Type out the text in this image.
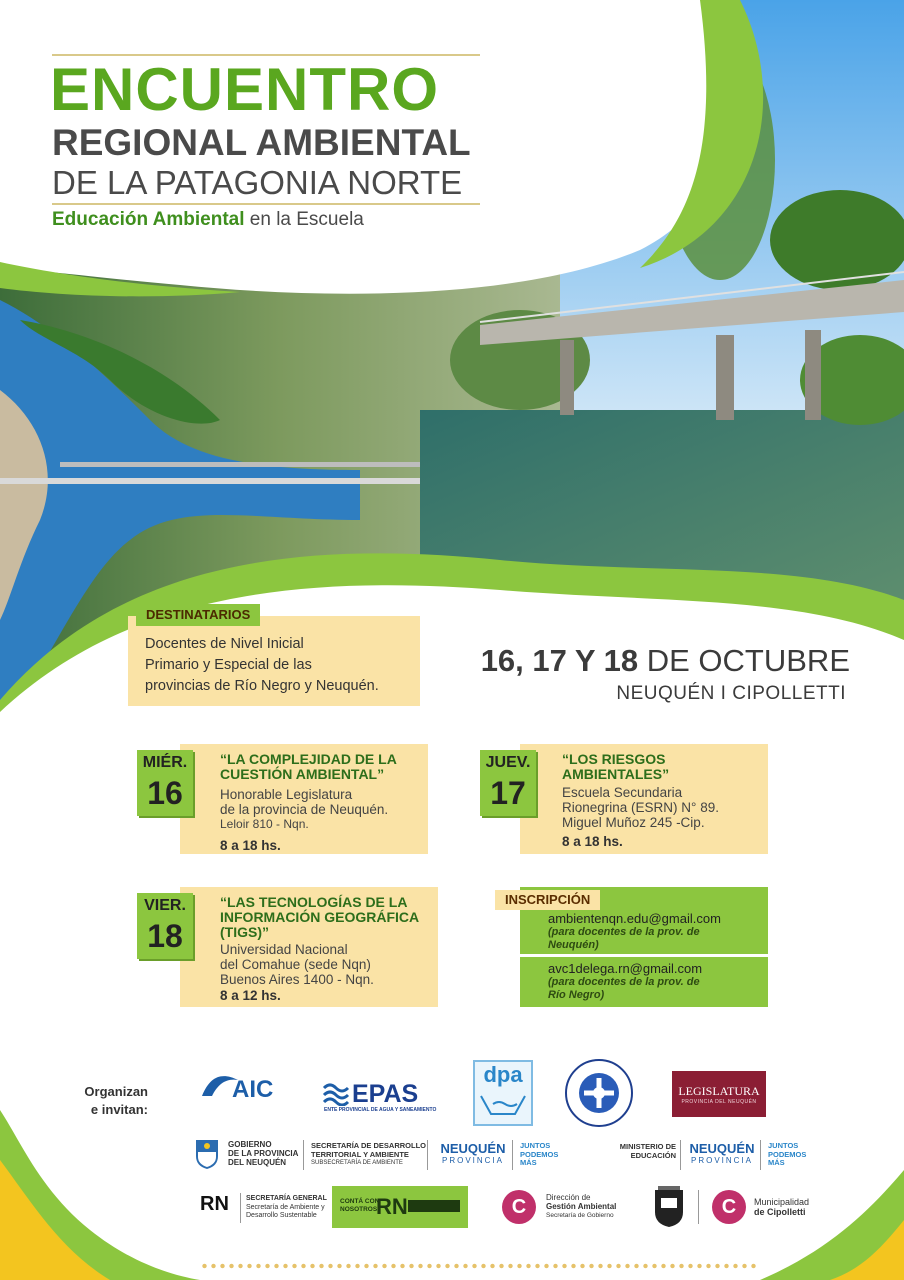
ENCUENTRO
REGIONAL AMBIENTAL
DE LA PATAGONIA NORTE
Educación Ambiental en la Escuela
DESTINATARIOS
Docentes de Nivel Inicial
Primario y Especial de las
provincias de Río Negro y Neuquén.
16, 17 Y 18 DE OCTUBRE
NEUQUÉN I CIPOLLETTI
MIÉR.
16
“LA COMPLEJIDAD DE LA
CUESTIÓN AMBIENTAL”
Honorable Legislatura
de la provincia de Neuquén.
Leloir 810 - Nqn.
8 a 18 hs.
JUEV.
17
“LOS RIESGOS
AMBIENTALES”
Escuela Secundaria
Rionegrina (ESRN) N° 89.
Miguel Muñoz 245 -Cip.
8 a 18 hs.
VIER.
18
“LAS TECNOLOGÍAS DE LA
INFORMACIÓN GEOGRÁFICA
(TIGS)”
Universidad Nacional
del Comahue (sede Nqn)
Buenos Aires 1400 - Nqn.
8 a 12 hs.
INSCRIPCIÓN
ambientenqn.edu@gmail.com
(para docentes de la prov. de
Neuquén)
avc1delega.rn@gmail.com
(para docentes de la prov. de
Río Negro)
Organizan
e invitan:
AIC	EPAS
ENTE PROVINCIAL DE AGUA Y SANEAMIENTO
dpa
LEGISLATURA
PROVINCIA DEL NEUQUÉN
GOBIERNO
DE LA PROVINCIA
DEL NEUQUÉN
SECRETARÍA DE DESARROLLO
TERRITORIAL Y AMBIENTE
SUBSECRETARÍA DE AMBIENTE
NEUQUÉN
PROVINCIA
JUNTOS
PODEMOS
MÁS
MINISTERIO DE
EDUCACIÓN NEUQUÉN
PROVINCIA
JUNTOS
PODEMOS
MÁS
RN SECRETARÍA GENERAL
Secretaría de Ambiente y
Desarrollo Sustentable
CONTÁ CON
NOSOTROS
RN	C	Dirección de
Gestión Ambiental
Secretaría de Gobierno	C	Municipalidad
de Cipolletti
